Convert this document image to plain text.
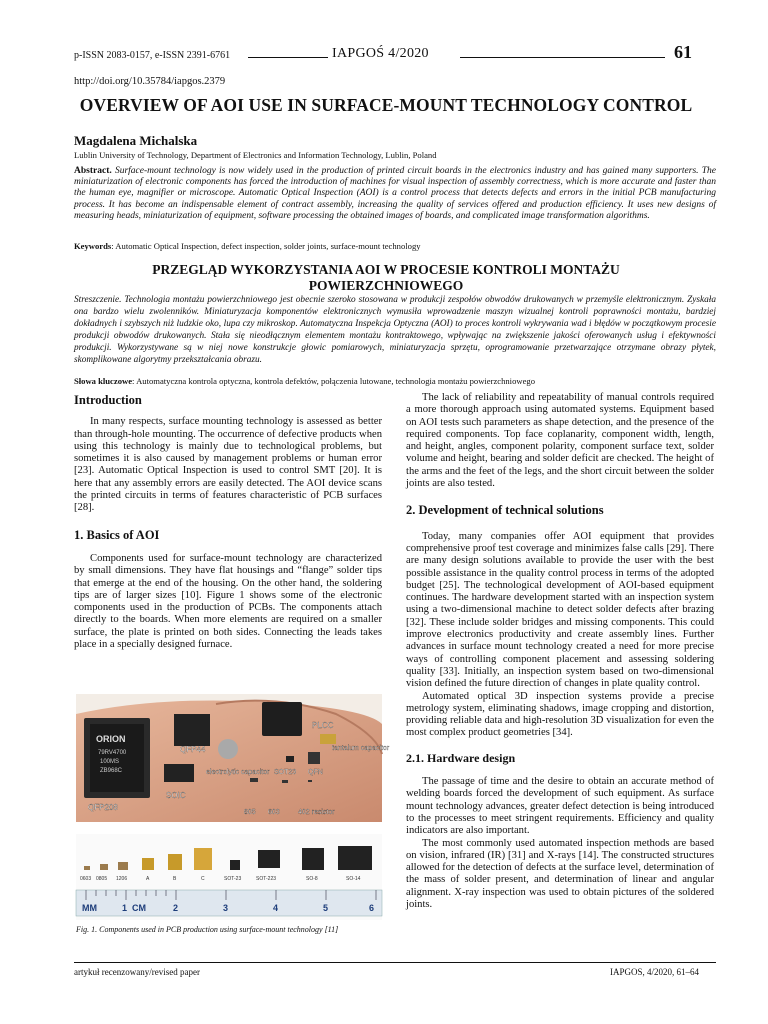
p-ISSN 2083-0157, e-ISSN 2391-6761	IAPGOŚ 4/2020	61
http://doi.org/10.35784/iapgos.2379
OVERVIEW OF AOI USE IN SURFACE-MOUNT TECHNOLOGY CONTROL
Magdalena Michalska
Lublin University of Technology, Department of Electronics and Information Technology, Lublin, Poland
Abstract. Surface-mount technology is now widely used in the production of printed circuit boards in the electronics industry and has gained many supporters. The miniaturization of electronic components has forced the introduction of machines for visual inspection of assembly correctness, which is more accurate and faster than the human eye, magnifier or microscope. Automatic Optical Inspection (AOI) is a control process that detects defects and errors in the initial PCB manufacturing process. It has become an indispensable element of contract assembly, increasing the quality of services offered and production efficiency. It uses new designs of measuring heads, miniaturization of equipment, software processing the obtained images of boards, and complicated image transformation algorithms.
Keywords: Automatic Optical Inspection, defect inspection, solder joints, surface-mount technology
PRZEGLĄD WYKORZYSTANIA AOI W PROCESIE KONTROLI MONTAŻU POWIERZCHNIOWEGO
Streszczenie. Technologia montażu powierzchniowego jest obecnie szeroko stosowana w produkcji zespołów obwodów drukowanych w przemyśle elektronicznym. Zyskała ona bardzo wielu zwolenników. Miniaturyzacja komponentów elektronicznych wymusiła wprowadzenie maszyn wizualnej kontroli poprawności montażu, bardziej dokładnych i szybszych niż ludzkie oko, lupa czy mikroskop. Automatyczna Inspekcja Optyczna (AOI) to proces kontroli wykrywania wad i błędów w początkowym procesie produkcji obwodów drukowanych. Stała się nieodłącznym elementem montażu kontraktowego, wpływając na zwiększenie jakości oferowanych usług i efektywności produkcji. Wykorzystywane są w niej nowe konstrukcje głowic pomiarowych, miniaturyzacja sprzętu, oprogramowanie przetwarzające otrzymane obrazy płytek, skomplikowane algorytmy przekształcania obrazu.
Słowa kluczowe: Automatyczna kontrola optyczna, kontrola defektów, połączenia lutowane, technologia montażu powierzchniowego
Introduction

In many respects, surface mounting technology is assessed as better than through-hole mounting. The occurrence of defective products when using this technology is mainly due to technological problems, but sometimes it is also caused by management problems or human error [23]. Automatic Optical Inspection is used to control SMT [20]. It is here that any assembly errors are easily detected. The AOI device scans the printed circuits in terms of features characteristic of PCB surfaces [28].

1. Basics of AOI

Components used for surface-mount technology are characterized by small dimensions. They have flat housings and “flange” solder tips that emerge at the end of the housing. On the other hand, the soldering tips are of larger sizes [10]. Figure 1 shows some of the electronic components used in the production of PCBs. The components attach directly to the boards. When more elements are required on a smaller surface, the plate is printed on both sides. Connecting the leads takes place in a specially designed furnace.

ORION
79RV4700
100MS
ZB968C
PLCC
QFP44	tantalum capacitor
electrolytic capacitor SOT23 QFN
QFP208
SOIC
805 603	402 resistor
0603 0805 1206	A	B	C	SOT-23	SOT-223	SO-8	SO-14
MM	1 CM	2	3	4	5	6
Fig. 1. Components used in PCB production using surface-mount technology [11]

The lack of reliability and repeatability of manual controls required a more thorough approach using automated systems. Equipment based on AOI tests such parameters as shape detection, and the presence of the required components. Top face coplanarity, component width, length, and height, angles, component polarity, component surface text, solder volume and height, bearing and solder deficit are checked. The height of the arms and the feet of the legs, and the short circuit between the solder joints are also tested.

2. Development of technical solutions

Today, many companies offer AOI equipment that provides comprehensive proof test coverage and minimizes false calls [29]. There are many design solutions available to provide the user with the best possible assistance in the quality control process in terms of the adopted budget [25]. The technological development of AOI-based equipment continues. The hardware development started with an inspection system using a two-dimensional machine to detect solder defects after brazing [32]. These include solder bridges and missing components. This could improve electronics productivity and create assembly lines. Further advances in surface mount technology created a need for more precise ways of controlling component placement and assessing soldering quality [33]. Initially, an inspection system based on two-dimensional vision defined the future direction of changes in plate quality control.

Automated optical 3D inspection systems provide a precise metrology system, eliminating shadows, image cropping and distortion, providing reliable data and high-resolution 3D visualization for even the most complex product geometries [34].

2.1. Hardware design

The passage of time and the desire to obtain an accurate method of welding boards forced the development of such equipment. As surface mount technology advances, greater defect detection is being introduced to the processes to meet stringent requirements. Efficiency and quality indicators are also important.

The most commonly used automated inspection methods are based on vision, infrared (IR) [31] and X-rays [14]. The constructed structures allowed for the detection of defects at the surface level, determination of the mass of solder present, and determination of linear and angular alignment. X-ray inspection was used to obtain pictures of the soldered joints.

artykuł recenzowany/revised paper	IAPGOS, 4/2020, 61–64
